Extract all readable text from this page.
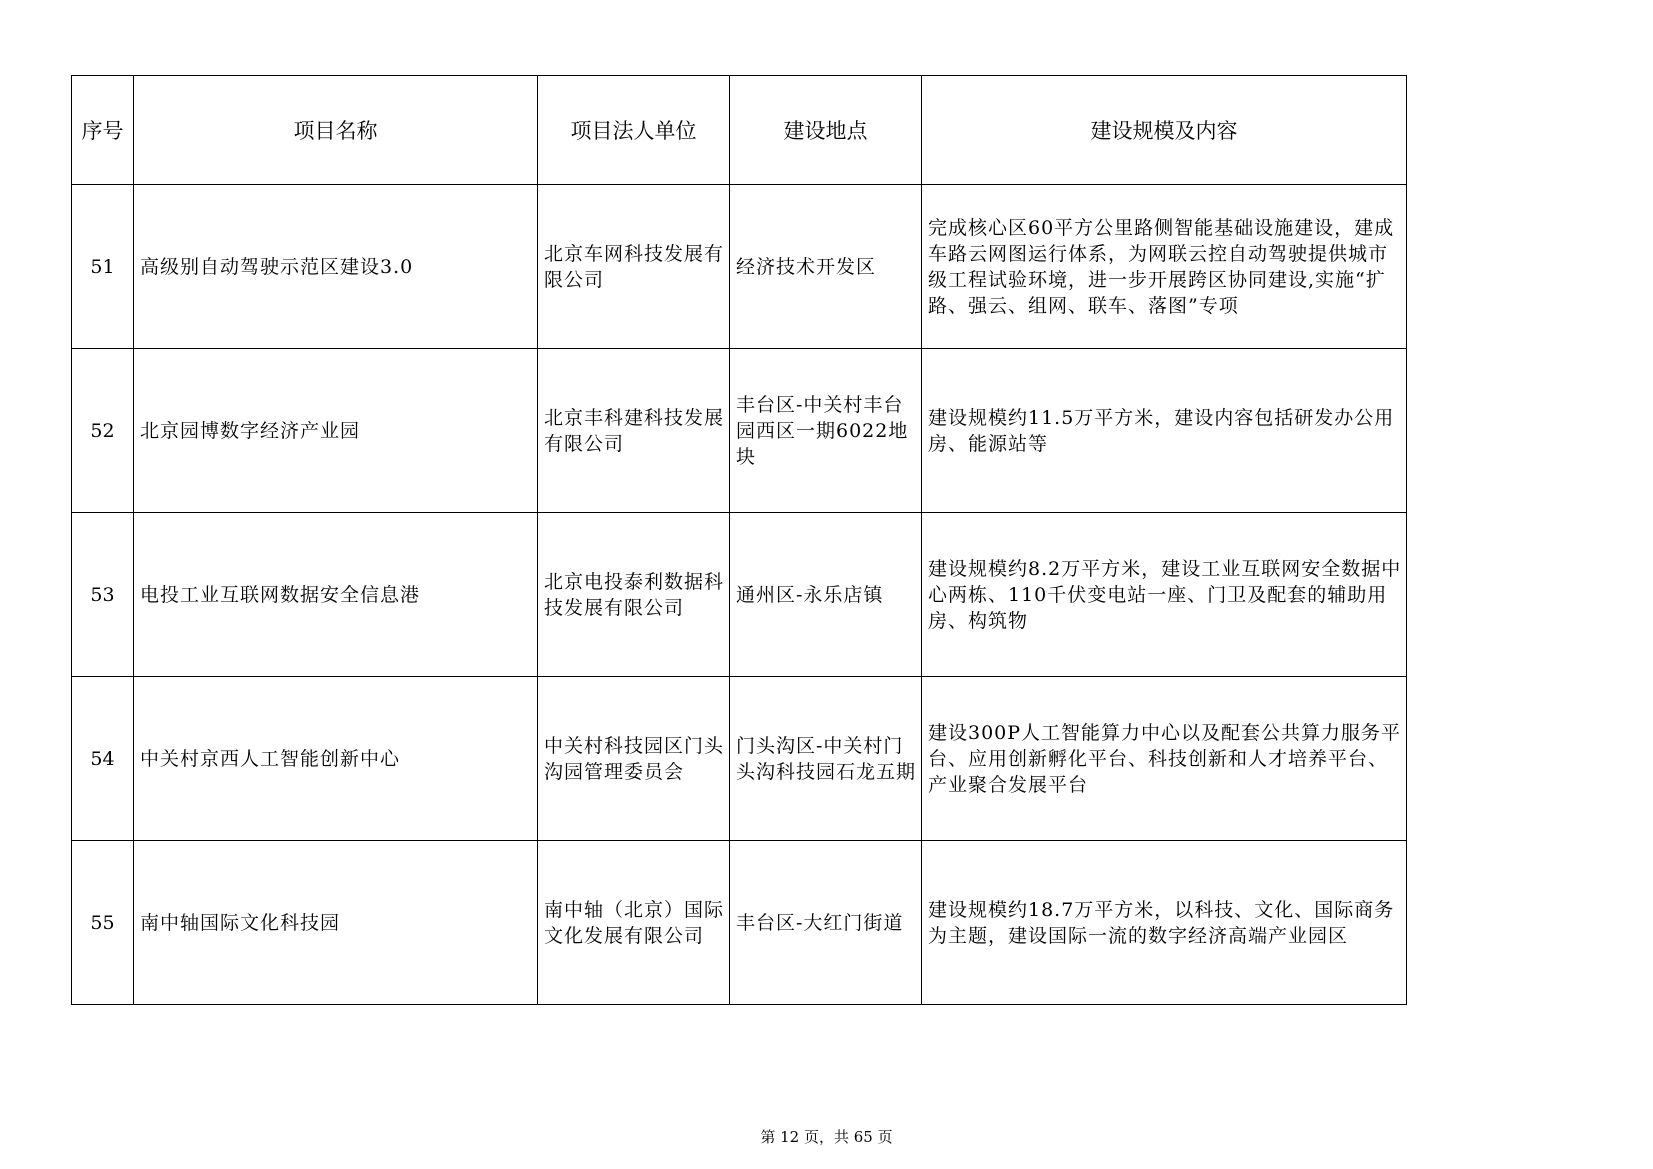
序号	项目名称	项目法人单位	建设地点	建设规模及内容
51	高级别自动驾驶示范区建设3.0	北京车网科技发展有限公司	经济技术开发区	完成核心区60平方公里路侧智能基础设施建设，建成车路云网图运行体系，为网联云控自动驾驶提供城市级工程试验环境，进一步开展跨区协同建设,实施“扩路、强云、组网、联车、落图”专项
52	北京园博数字经济产业园	北京丰科建科技发展有限公司	丰台区-中关村丰台园西区一期6022地块	建设规模约11.5万平方米，建设内容包括研发办公用房、能源站等
53	电投工业互联网数据安全信息港	北京电投泰利数据科技发展有限公司	通州区-永乐店镇	建设规模约8.2万平方米，建设工业互联网安全数据中心两栋、110千伏变电站一座、门卫及配套的辅助用房、构筑物
54	中关村京西人工智能创新中心	中关村科技园区门头沟园管理委员会	门头沟区-中关村门头沟科技园石龙五期	建设300P人工智能算力中心以及配套公共算力服务平台、应用创新孵化平台、科技创新和人才培养平台、产业聚合发展平台
55	南中轴国际文化科技园	南中轴（北京）国际文化发展有限公司	丰台区-大红门街道	建设规模约18.7万平方米，以科技、文化、国际商务为主题，建设国际一流的数字经济高端产业园区
第 12 页，共 65 页
